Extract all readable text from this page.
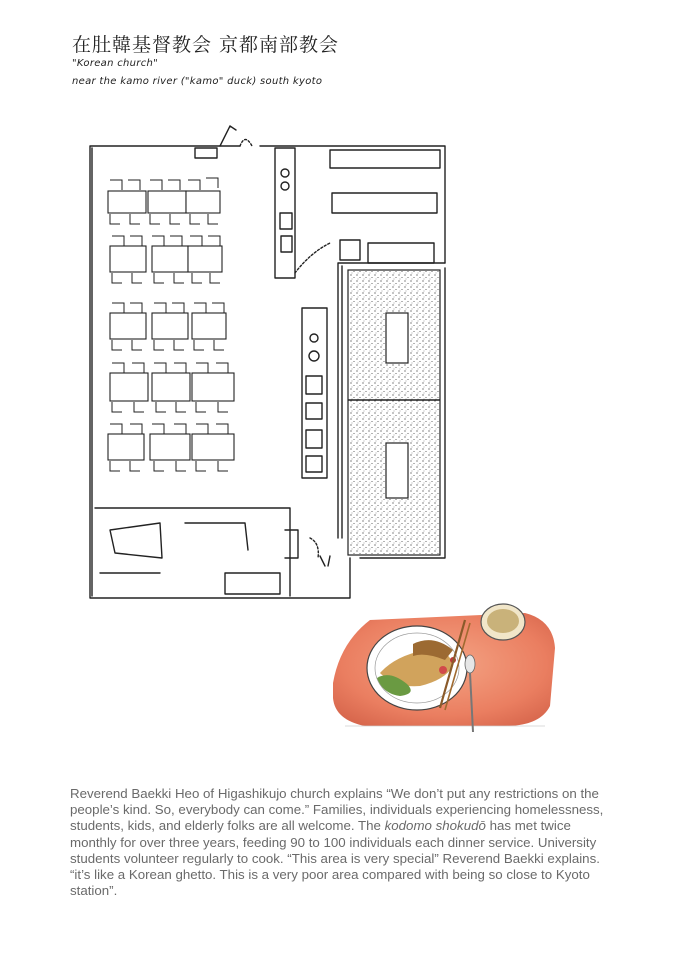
在肚韓基督教会 京都南部教会
"Korean church"
near the kamo river ("kamo" duck) south kyoto

Reverend Baekki Heo of Higashikujo church explains “We don’t put any restrictions on the people’s kind. So, everybody can come.” Families, individuals experiencing homelessness, students, kids, and elderly folks are all welcome. The kodomo shokudō has met twice monthly for over three years, feeding 90 to 100 individuals each dinner service. University students volunteer regularly to cook. “This area is very special” Reverend Baekki explains. “it’s like a Korean ghetto. This is a very poor area compared with being so close to Kyoto station”.
